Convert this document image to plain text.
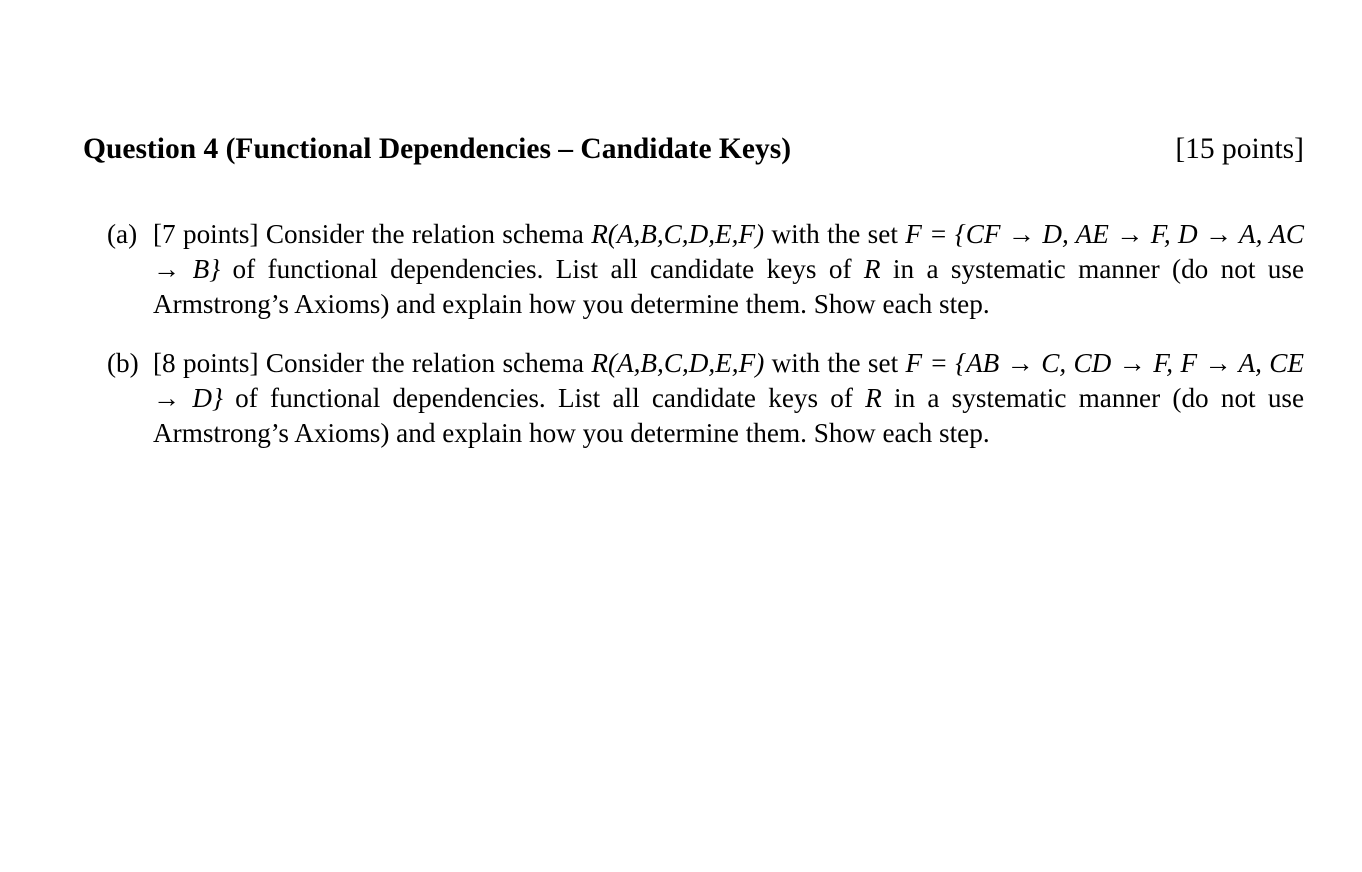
Question 4 (Functional Dependencies – Candidate Keys)	[15 points]
(a) [7 points] Consider the relation schema R(A,B,C,D,E,F) with the set F = {CF → D, AE → F, D → A, AC → B} of functional dependencies. List all candidate keys of R in a systematic manner (do not use Armstrong’s Axioms) and explain how you determine them. Show each step.
(b) [8 points] Consider the relation schema R(A,B,C,D,E,F) with the set F = {AB → C, CD → F, F → A, CE → D} of functional dependencies. List all candidate keys of R in a systematic manner (do not use Armstrong’s Axioms) and explain how you determine them. Show each step.
